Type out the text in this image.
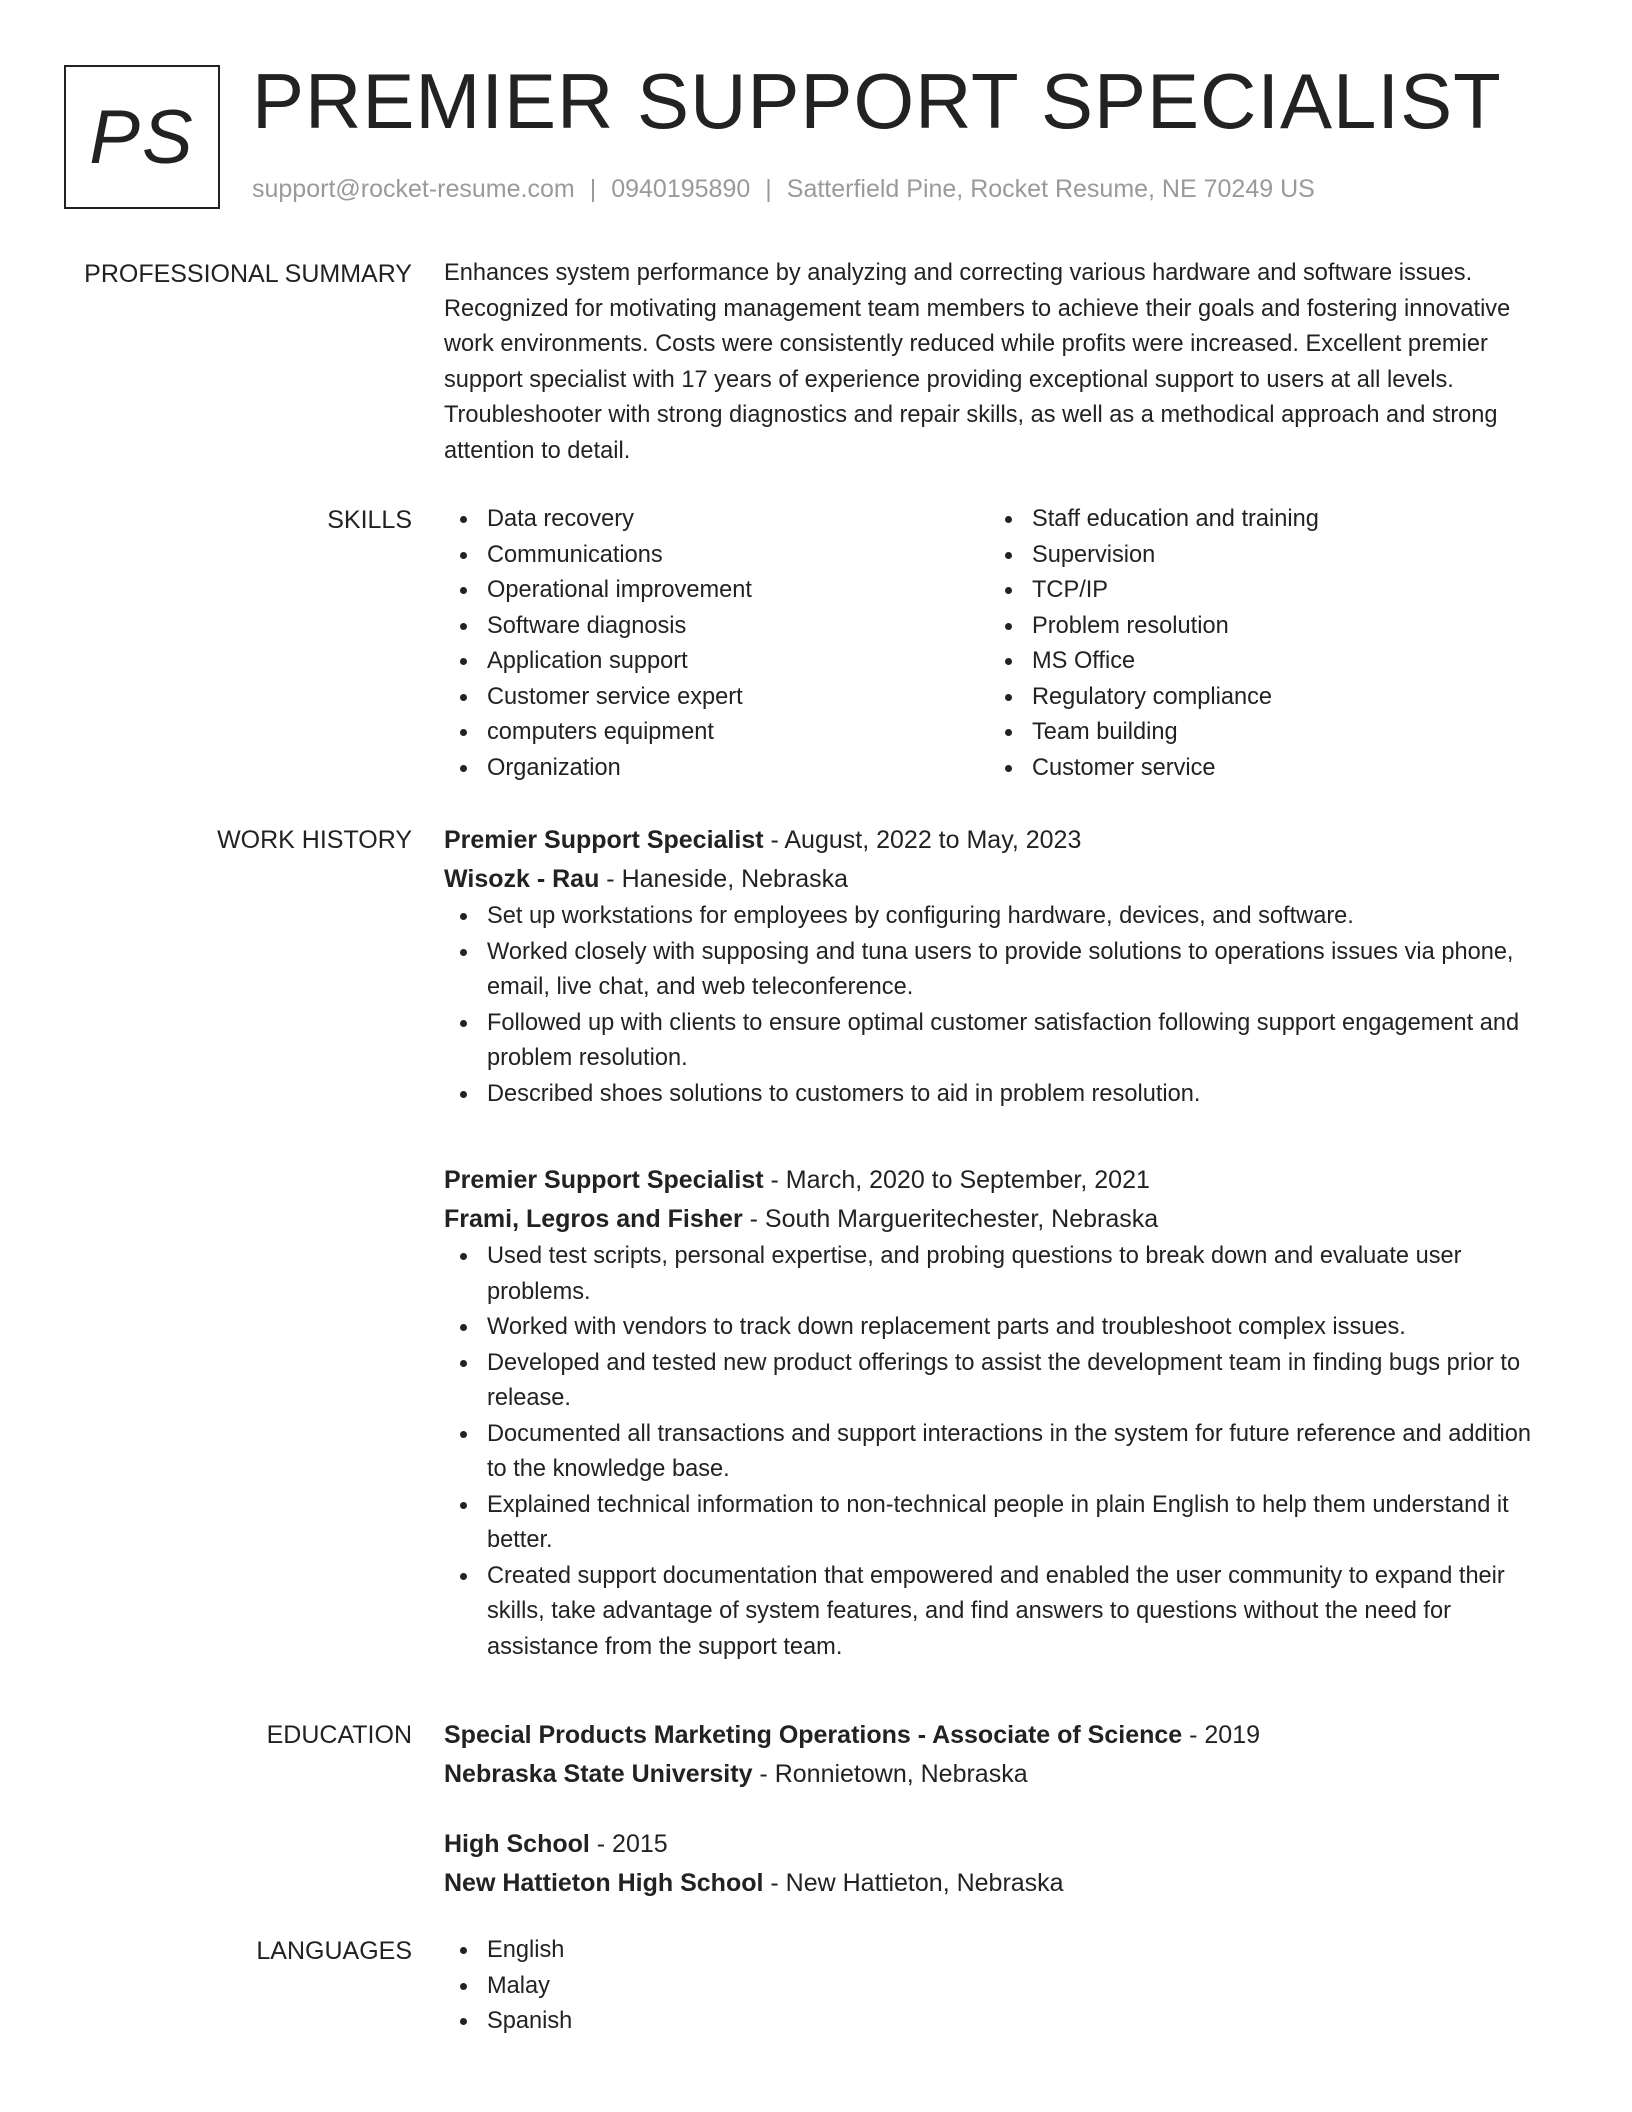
PS PREMIER SUPPORT SPECIALIST
support@rocket-resume.com | 0940195890 | Satterfield Pine, Rocket Resume, NE 70249 US
PROFESSIONAL SUMMARY Enhances system performance by analyzing and correcting various hardware and software issues. Recognized for motivating management team members to achieve their goals and fostering innovative work environments. Costs were consistently reduced while profits were increased. Excellent premier support specialist with 17 years of experience providing exceptional support to users at all levels. Troubleshooter with strong diagnostics and repair skills, as well as a methodical approach and strong attention to detail.

SKILLS	Data recovery
Communications
Operational improvement
Software diagnosis
Application support
Customer service expert
computers equipment
Organization
Staff education and training
Supervision
TCP/IP
Problem resolution
MS Office
Regulatory compliance
Team building
Customer service
WORK HISTORY Premier Support Specialist - August, 2022 to May, 2023
Wisozk - Rau - Haneside, Nebraska
Set up workstations for employees by configuring hardware, devices, and software.
Worked closely with supposing and tuna users to provide solutions to operations issues via phone, email, live chat, and web teleconference.
Followed up with clients to ensure optimal customer satisfaction following support engagement and problem resolution.
Described shoes solutions to customers to aid in problem resolution.
Premier Support Specialist - March, 2020 to September, 2021
Frami, Legros and Fisher - South Margueritechester, Nebraska
Used test scripts, personal expertise, and probing questions to break down and evaluate user problems.
Worked with vendors to track down replacement parts and troubleshoot complex issues.
Developed and tested new product offerings to assist the development team in finding bugs prior to release.
Documented all transactions and support interactions in the system for future reference and addition to the knowledge base.
Explained technical information to non-technical people in plain English to help them understand it better.
Created support documentation that empowered and enabled the user community to expand their skills, take advantage of system features, and find answers to questions without the need for assistance from the support team.
EDUCATION Special Products Marketing Operations - Associate of Science - 2019
Nebraska State University - Ronnietown, Nebraska
High School - 2015
New Hattieton High School - New Hattieton, Nebraska
LANGUAGES	English
Malay
Spanish
